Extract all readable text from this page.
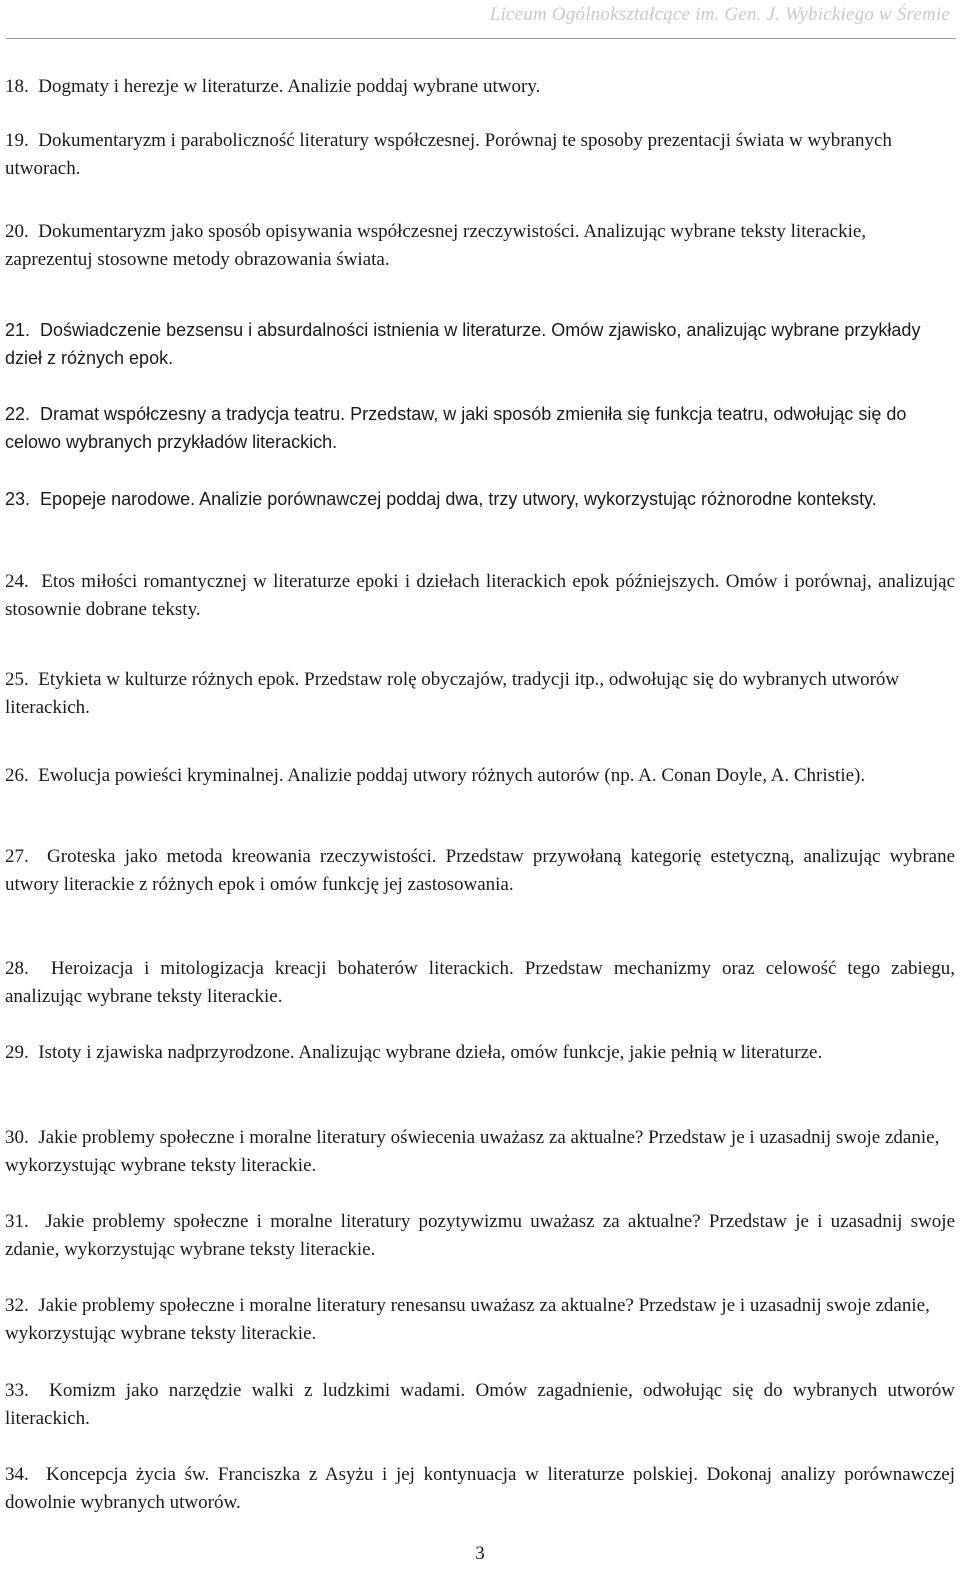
Liceum Ogólnokształcące im. Gen. J. Wybickiego w Śremie

18. Dogmaty i herezje w literaturze. Analizie poddaj wybrane utwory.

19. Dokumentaryzm i paraboliczność literatury współczesnej. Porównaj te sposoby prezentacji świata w wybranych utworach.

20. Dokumentaryzm jako sposób opisywania współczesnej rzeczywistości. Analizując wybrane teksty literackie, zaprezentuj stosowne metody obrazowania świata.

21. Doświadczenie bezsensu i absurdalności istnienia w literaturze. Omów zjawisko, analizując wybrane przykłady dzieł z różnych epok.

22. Dramat współczesny a tradycja teatru. Przedstaw, w jaki sposób zmieniła się funkcja teatru, odwołując się do celowo wybranych przykładów literackich.

23. Epopeje narodowe. Analizie porównawczej poddaj dwa, trzy utwory, wykorzystując różnorodne konteksty.

24. Etos miłości romantycznej w literaturze epoki i dziełach literackich epok późniejszych. Omów i porównaj, analizując stosownie dobrane teksty.

25. Etykieta w kulturze różnych epok. Przedstaw rolę obyczajów, tradycji itp., odwołując się do wybranych utworów literackich.

26. Ewolucja powieści kryminalnej. Analizie poddaj utwory różnych autorów (np. A. Conan Doyle, A. Christie).

27. Groteska jako metoda kreowania rzeczywistości. Przedstaw przywołaną kategorię estetyczną, analizując wybrane utwory literackie z różnych epok i omów funkcję jej zastosowania.

28. Heroizacja i mitologizacja kreacji bohaterów literackich. Przedstaw mechanizmy oraz celowość tego zabiegu, analizując wybrane teksty literackie.

29. Istoty i zjawiska nadprzyrodzone. Analizując wybrane dzieła, omów funkcje, jakie pełnią w literaturze.

30. Jakie problemy społeczne i moralne literatury oświecenia uważasz za aktualne? Przedstaw je i uzasadnij swoje zdanie, wykorzystując wybrane teksty literackie.

31. Jakie problemy społeczne i moralne literatury pozytywizmu uważasz za aktualne? Przedstaw je i uzasadnij swoje zdanie, wykorzystując wybrane teksty literackie.

32. Jakie problemy społeczne i moralne literatury renesansu uważasz za aktualne? Przedstaw je i uzasadnij swoje zdanie, wykorzystując wybrane teksty literackie.

33. Komizm jako narzędzie walki z ludzkimi wadami. Omów zagadnienie, odwołując się do wybranych utworów literackich.

34. Koncepcja życia św. Franciszka z Asyżu i jej kontynuacja w literaturze polskiej. Dokonaj analizy porównawczej dowolnie wybranych utworów.

3
